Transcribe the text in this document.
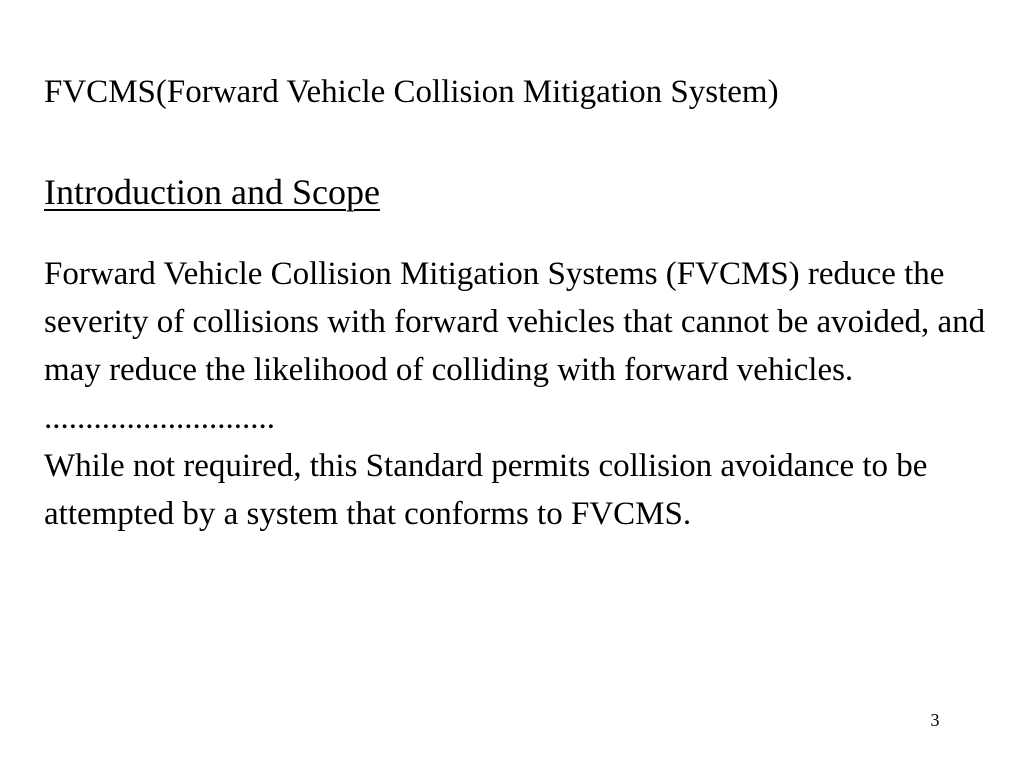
FVCMS(Forward Vehicle Collision Mitigation System)
Introduction and Scope

Forward Vehicle Collision Mitigation Systems (FVCMS) reduce the severity of collisions with forward vehicles that cannot be avoided, and may reduce the likelihood of colliding with forward vehicles.

............................

While not required, this Standard permits collision avoidance to be attempted by a system that conforms to FVCMS.

3
